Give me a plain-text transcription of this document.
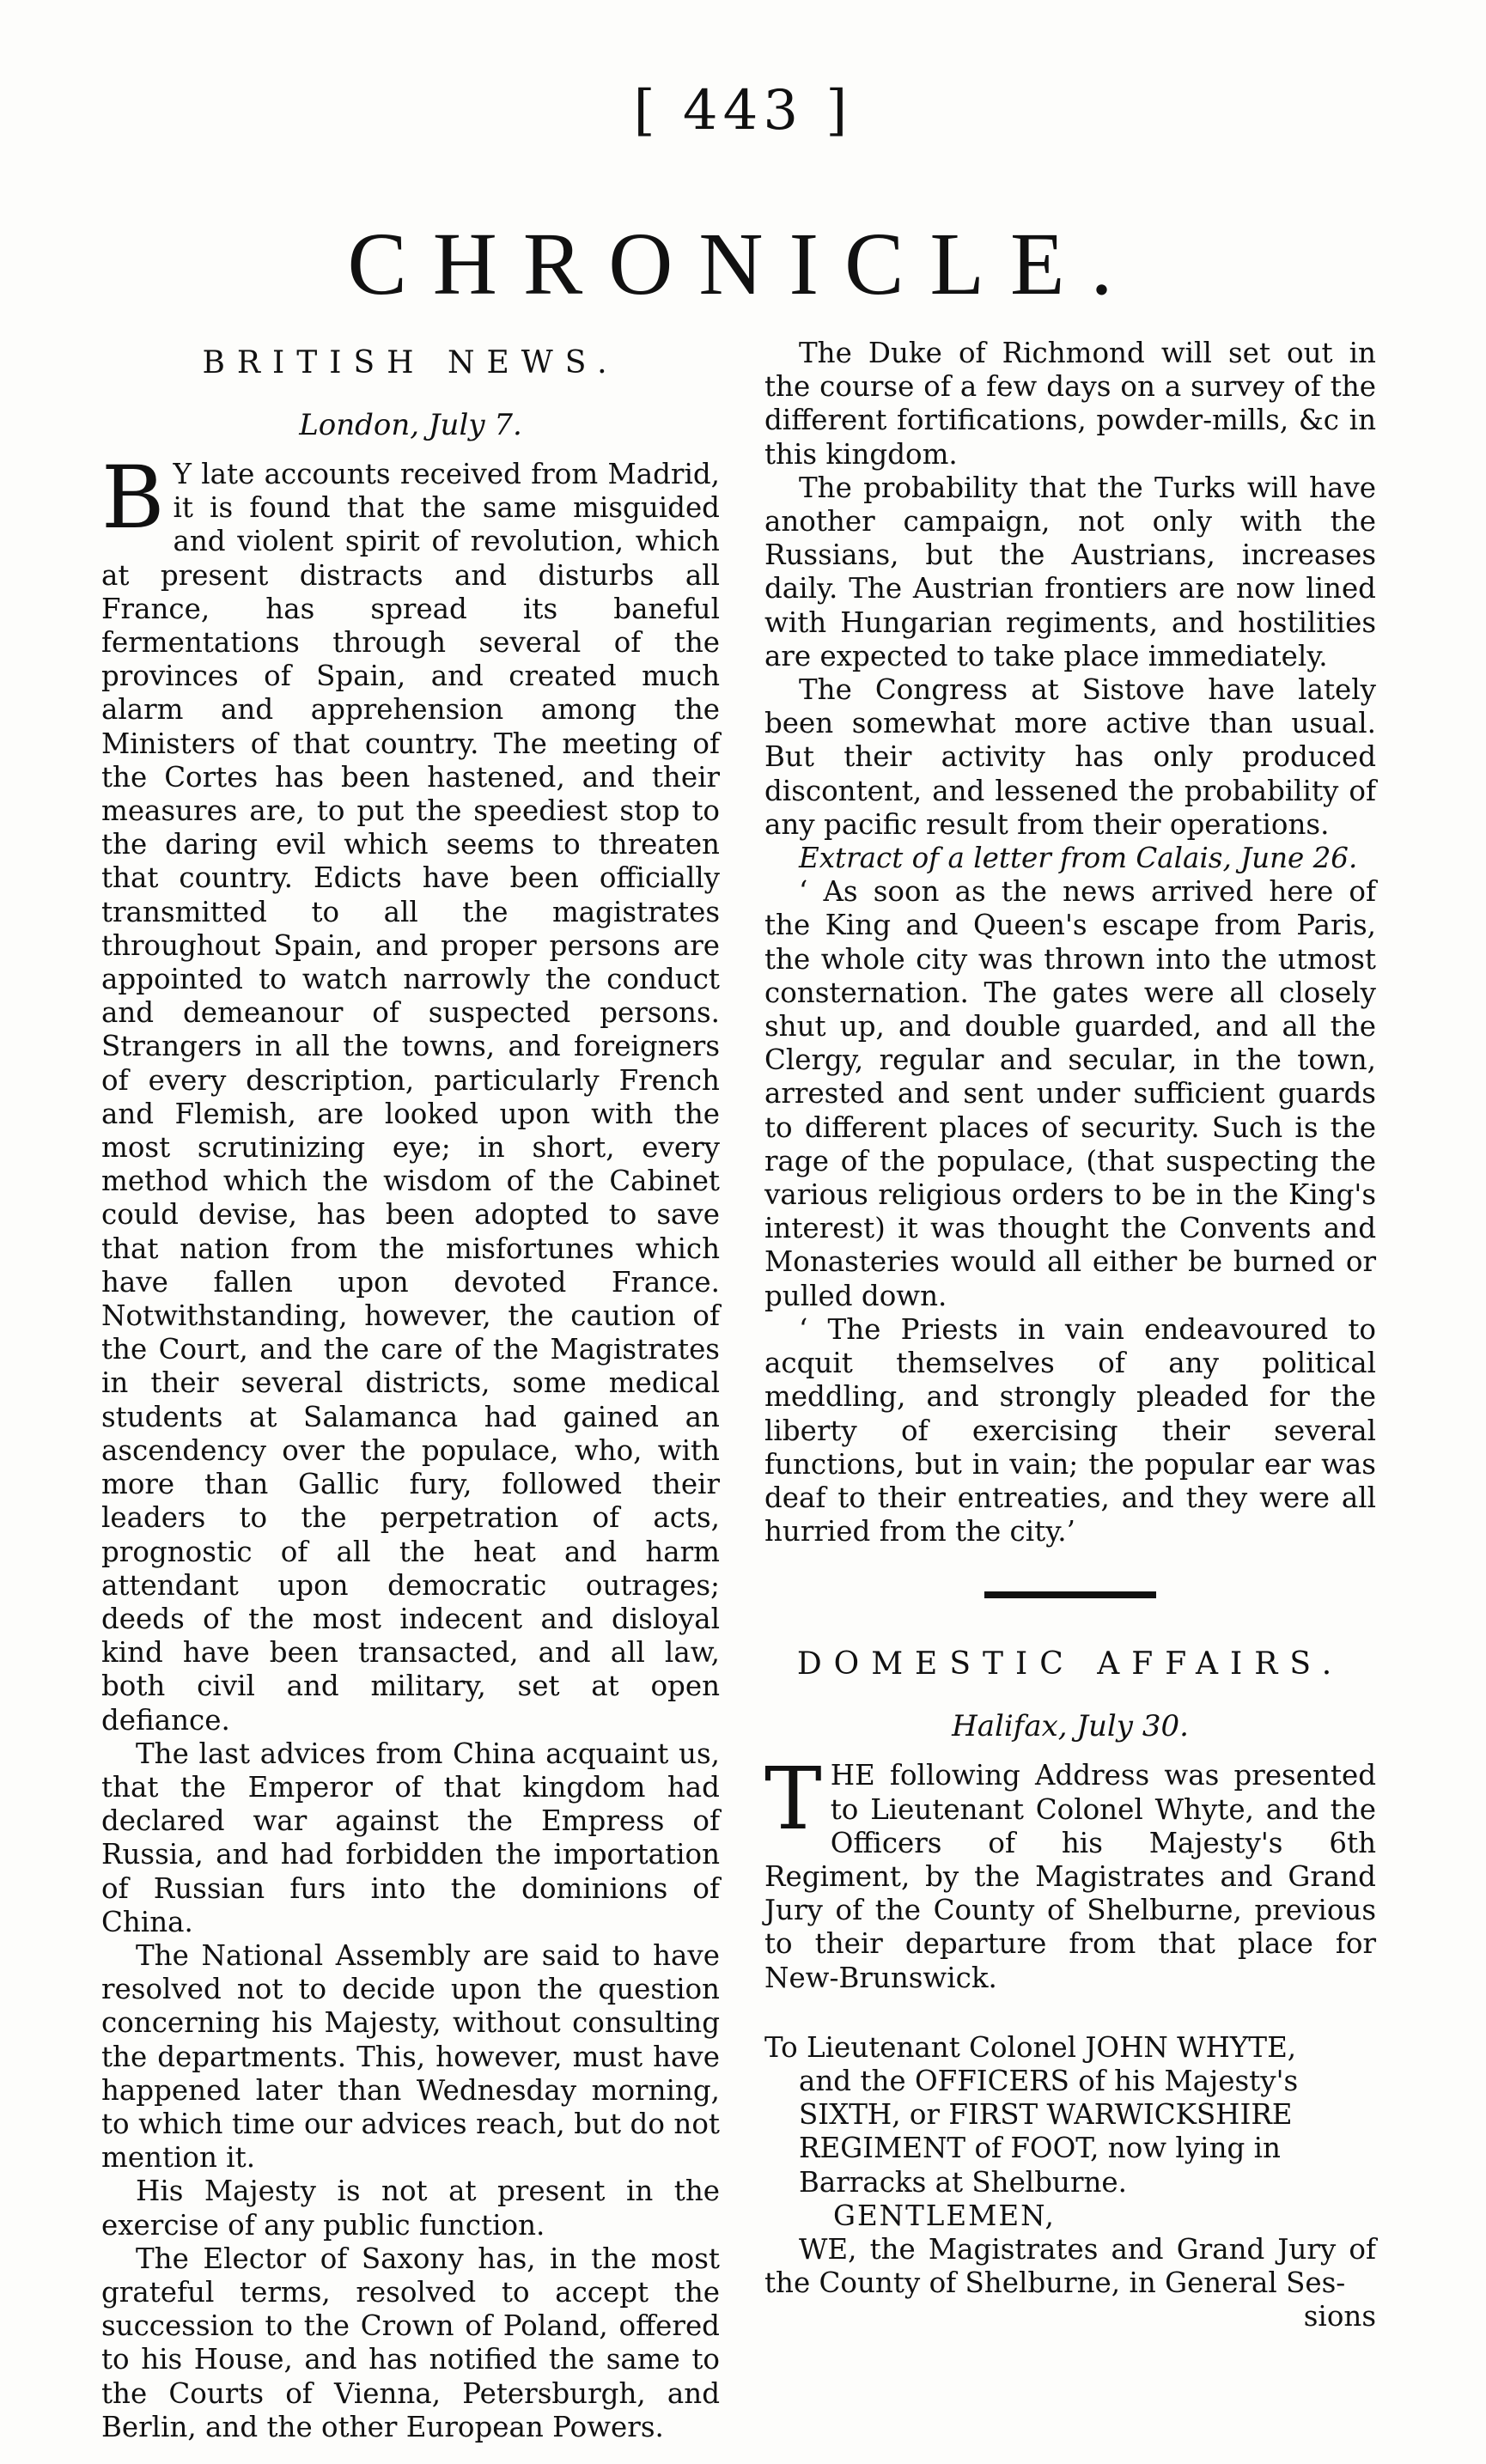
[ 443 ]
CHRONICLE.
BRITISH NEWS.
London, July 7.

B Y late accounts received from Madrid, it is found that the same misguided and violent spirit of revolution, which at present distracts and disturbs all France, has spread its baneful fermentations through several of the provinces of Spain, and created much alarm and apprehension among the Ministers of that country. The meeting of the Cortes has been hastened, and their measures are, to put the speediest stop to the daring evil which seems to threaten that country. Edicts have been officially transmitted to all the magistrates throughout Spain, and proper persons are appointed to watch narrowly the conduct and demeanour of suspected persons. Strangers in all the towns, and foreigners of every description, particularly French and Flemish, are looked upon with the most scrutinizing eye; in short, every method which the wisdom of the Cabinet could devise, has been adopted to save that nation from the misfortunes which have fallen upon devoted France. Notwithstanding, however, the caution of the Court, and the care of the Magistrates in their several districts, some medical students at Salamanca had gained an ascendency over the populace, who, with more than Gallic fury, followed their leaders to the perpetration of acts, prognostic of all the heat and harm attendant upon democratic outrages; deeds of the most indecent and disloyal kind have been transacted, and all law, both civil and military, set at open defiance.

The last advices from China acquaint us, that the Emperor of that kingdom had declared war against the Empress of Russia, and had forbidden the importation of Russian furs into the dominions of China.

The National Assembly are said to have resolved not to decide upon the question concerning his Majesty, without consulting the departments. This, however, must have happened later than Wednesday morning, to which time our advices reach, but do not mention it.

His Majesty is not at present in the exercise of any public function.

The Elector of Saxony has, in the most grateful terms, resolved to accept the succession to the Crown of Poland, offered to his House, and has notified the same to the Courts of Vienna, Petersburgh, and Berlin, and the other European Powers.

The Duke of Richmond will set out in the course of a few days on a survey of the different fortifications, powder-mills, &c in this kingdom.

The probability that the Turks will have another campaign, not only with the Russians, but the Austrians, increases daily. The Austrian frontiers are now lined with Hungarian regiments, and hostilities are expected to take place immediately.

The Congress at Sistove have lately been somewhat more active than usual. But their activity has only produced discontent, and lessened the probability of any pacific result from their operations.

Extract of a letter from Calais, June 26.

‘ As soon as the news arrived here of the King and Queen's escape from Paris, the whole city was thrown into the utmost consternation. The gates were all closely shut up, and double guarded, and all the Clergy, regular and secular, in the town, arrested and sent under sufficient guards to different places of security. Such is the rage of the populace, (that suspecting the various religious orders to be in the King's interest) it was thought the Convents and Monasteries would all either be burned or pulled down.

‘ The Priests in vain endeavoured to acquit themselves of any political meddling, and strongly pleaded for the liberty of exercising their several functions, but in vain; the popular ear was deaf to their entreaties, and they were all hurried from the city.’

DOMESTIC AFFAIRS.
Halifax, July 30.

THE following Address was presented to Lieutenant Colonel Whyte, and the Officers of his Majesty's 6th Regiment, by the Magistrates and Grand Jury of the County of Shelburne, previous to their departure from that place for New-Brunswick.

To Lieutenant Colonel JOHN WHYTE,

and the OFFICERS of his Majesty's

SIXTH, or FIRST WARWICKSHIRE

REGIMENT of FOOT, now lying in

Barracks at Shelburne.

GENTLEMEN,

WE, the Magistrates and Grand Jury of the County of Shelburne, in General Ses-

sions
